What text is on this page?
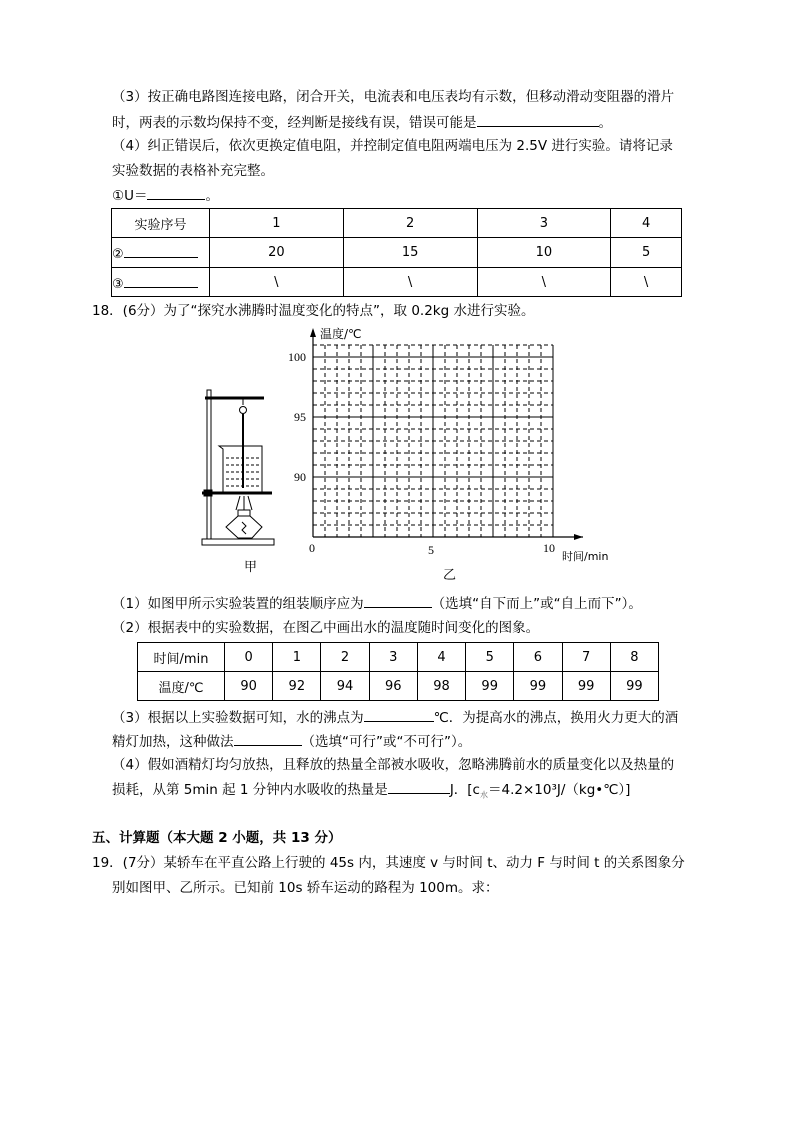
（3）按正确电路图连接电路，闭合开关，电流表和电压表均有示数，但移动滑动变阻器的滑片
时，两表的示数均保持不变，经判断是接线有误，错误可能是	。
（4）纠正错误后，依次更换定值电阻，并控制定值电阻两端电压为 2.5V 进行实验。请将记录
实验数据的表格补充完整。
①U＝	。
实验序号	1	2	3	4
②	20	15	10	5
③	\	\	\	\
18．(6分）为了“探究水沸腾时温度变化的特点”，取 0.2kg 水进行实验。
甲
乙
温度/℃
时间/min
100
95
90
0	5	10
（1）如图甲所示实验装置的组装顺序应为	（选填“自下而上”或“自上而下”）。
（2）根据表中的实验数据，在图乙中画出水的温度随时间变化的图象。
时间/min	0	1	2	3	4	5	6	7	8
温度/℃	90	92	94	96	98	99	99	99	99
（3）根据以上实验数据可知，水的沸点为	℃．为提高水的沸点，换用火力更大的酒
精灯加热，这种做法	（选填“可行”或“不可行”）。
（4）假如酒精灯均匀放热，且释放的热量全部被水吸收，忽略沸腾前水的质量变化以及热量的
损耗，从第 5min 起 1 分钟内水吸收的热量是	J．$[c_水=4.2\times 10^3J/(kg•℃)]$
五、计算题（本大题 2 小题，共 13 分）
19．(7分）某轿车在平直公路上行驶的 45s 内，其速度 v 与时间 t、动力 F 与时间 t 的关系图象分
别如图甲、乙所示。已知前 10s 轿车运动的路程为 100m。求：
